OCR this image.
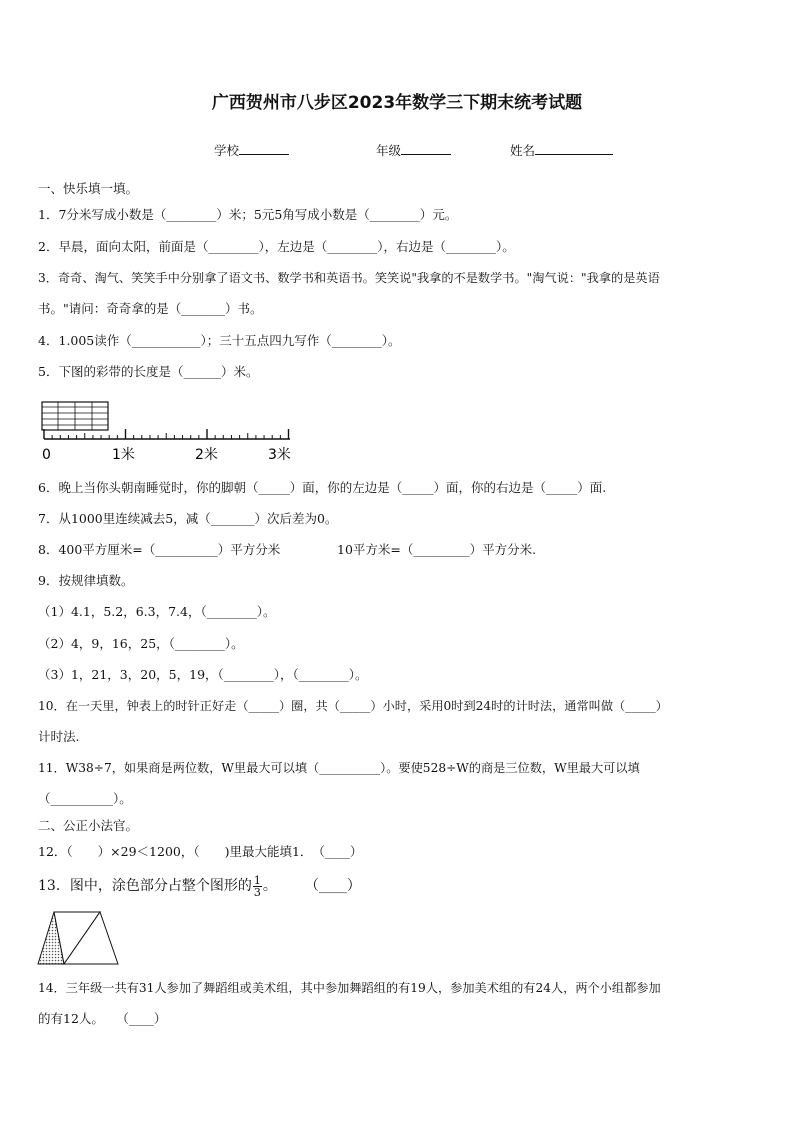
广西贺州市八步区2023年数学三下期末统考试题
学校	年级	姓名
一、快乐填一填。
1．7分米写成小数是（________）米；5元5角写成小数是（________）元。
2．早晨，面向太阳，前面是（________），左边是（________），右边是（________）。
3．奇奇、淘气、笑笑手中分别拿了语文书、数学书和英语书。笑笑说"我拿的不是数学书。"淘气说："我拿的是英语
书。"请问：奇奇拿的是（_______）书。
4．1.005读作（___________）；三十五点四九写作（________）。
5．下图的彩带的长度是（______）米。
0	1米	2米	3米
6．晚上当你头朝南睡觉时，你的脚朝（_____）面，你的左边是（_____）面，你的右边是（_____）面.
7．从1000里连续减去5，减（_______）次后差为0。
8．400平方厘米=（__________）平方分米	10平方米=（_________）平方分米.
9．按规律填数。
（1）4.1，5.2，6.3，7.4，（________）。
（2）4，9，16，25，（________）。
（3）1，21，3，20，5，19，（________），（________）。
10．在一天里，钟表上的时针正好走（_____）圈，共（_____）小时，采用0时到24时的计时法，通常叫做（_____）
计时法.
11．W38÷7，如果商是两位数，W里最大可以填（__________）。要使528÷W的商是三位数，W里最大可以填
（__________）。
二、公正小法官。
12．（　　）×29＜1200，（　　)里最大能填1．　（____）
13．图中，涂色部分占整个图形的 $\frac{1}{3}$ 。　　　（____）
14．三年级一共有31人参加了舞蹈组或美术组，其中参加舞蹈组的有19人，参加美术组的有24人，两个小组都参加
的有12人。　　（____）
